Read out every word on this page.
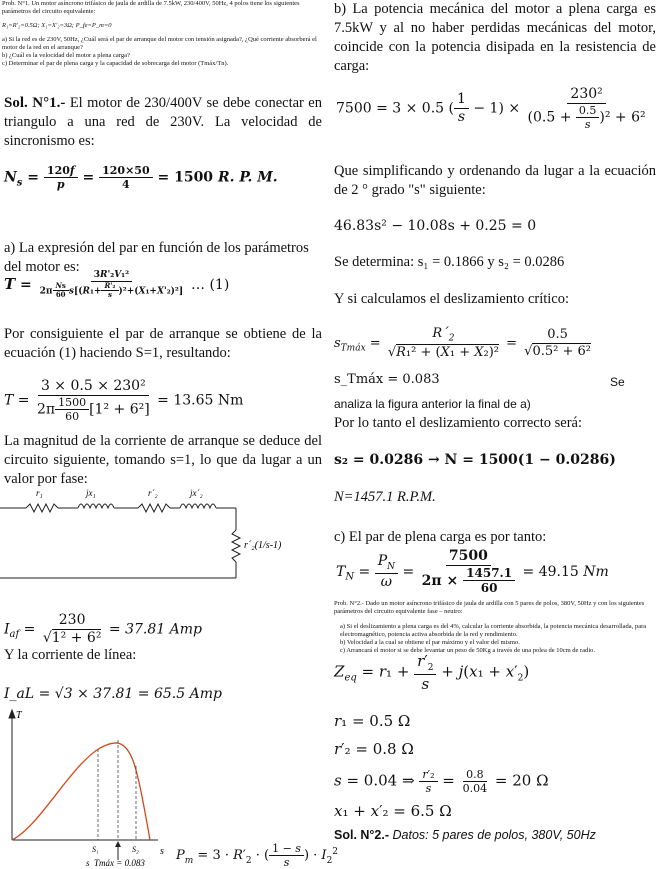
Prob. N°1. Un motor asíncrono trifásico de jaula de ardilla de 7.5kW, 230/400V, 50Hz, 4 polos tiene los siguientes parámetros del circuito equivalente:
R₁=R'₂=0.5Ω; X₁=X'₂=3Ω; P_fe=P_m=0
a) Si la red es de 230V, 50Hz, ¿Cuál será el par de arranque del motor con tensión asignada?, ¿Qué corriente absorberá el motor de la red en el arranque?
b) ¿Cuál es la velocidad del motor a plena carga?
c) Determinar el par de plena carga y la capacidad de sobrecarga del motor (Tmáx/Tn).
Sol. N°1.- El motor de 230/400V se debe conectar en triangulo a una red de 230V. La velocidad de sincronismo es:
$N_s = \frac{120f}{p} = \frac{120\times 50}{4} = 1500$ R. P. M.
a) La expresión del par en función de los parámetros del motor es:
$T = \frac{\text{3R'₂V₁²}}{2\pi \frac{Ns}{60} s[(R_1+ \frac{\text{R'₂}}{s} )^2+(X_1+X'_2)^2]}$ … (1)
Por consiguiente el par de arranque se obtiene de la ecuación (1) haciendo S=1, resultando:
$T = \frac{\text{3 × 0.5 × 230²}}{2\pi \frac{1500}{60} [1^2 + 6^2]} = 13.65$ Nm
La magnitud de la corriente de arranque se deduce del circuito siguiente, tomando s=1, lo que da lugar a un valor por fase:
r₁	jx₁	r´₂	jx´₂
r´₂(1/s-1)
$I_{af} = \frac{230}{\text{√1² + 6²}} = 37.81$ Amp
Y la corriente de línea:
I_aL = √3 × 37.81 = 65.5 Amp
T
S₁	S₂ s
s_Tmáx = 0.083 $P_m = 3 \cdot R'_2$ · ( $\frac{1 - s}{s}$ ) · $I_2^2$
b) La potencia mecánica del motor a plena carga es 7.5kW y al no haber perdidas mecánicas del motor, coincide con la potencia disipada en la resistencia de carga:
7500 = 3 × 0.5 ( $\frac{1}{s} - 1) \times \frac{\text{230²}}{(0.5 + \frac{0.5}{s} )^2 + 6^2}$
Que simplificando y ordenando da lugar a la ecuación de 2 ° grado "s" siguiente:
46.83s² − 10.08s + 0.25 = 0
Se determina: s₁ = 0.1866 y s₂ = 0.0286
Y si calculamos el deslizamiento crítico:
$s_{Tmáx} = \frac{R´_2}{\text{√R₁² + (X₁ + X₂)²}} = \frac{0.5}{\text{√0.5² + 6²}}$
s_Tmáx = 0.083	Se
analiza la figura anterior la final de a)
Por lo tanto el deslizamiento correcto será:
s₂ = 0.0286 → N = 1500(1 − 0.0286)
N=1457.1 R.P.M.
c) El par de plena carga es por tanto:
$T_N = \frac{P_N}{\omega} = \frac{7500}{2\pi \times \frac{1457.1}{60}} = 49.15$ Nm
Prob. N°2.- Dado un motor asíncrono trifásico de jaula de ardilla con 5 pares de polos, 380V, 50Hz y con los siguientes parámetros del circuito equivalente fase – neutro:
a) Si el deslizamiento a plena carga es del 4%, calcular la corriente absorbida, la potencia mecánica desarrollada, para electromagnético, potencia activa absorbida de la red y rendimiento.
b) Velocidad a la cual se obtiene el par máximo y el valor del mismo.
c) Arrancará el motor si se debe levantar un peso de 50Kg a través de una polea de 10cm de radio.
$Z_{eq} = r_1 + \frac{r'_2}{s} + j(x_1 + x'_2)$
r₁ = 0.5 Ω
r′₂ = 0.8 Ω
s = 0.04 ⇒ $\frac{\text{r′₂}}{s} = \frac{0.8}{0.04} = 20$ Ω
x₁ + x′₂ = 6.5 Ω
Sol. N°2.- Datos: 5 pares de polos, 380V, 50Hz
